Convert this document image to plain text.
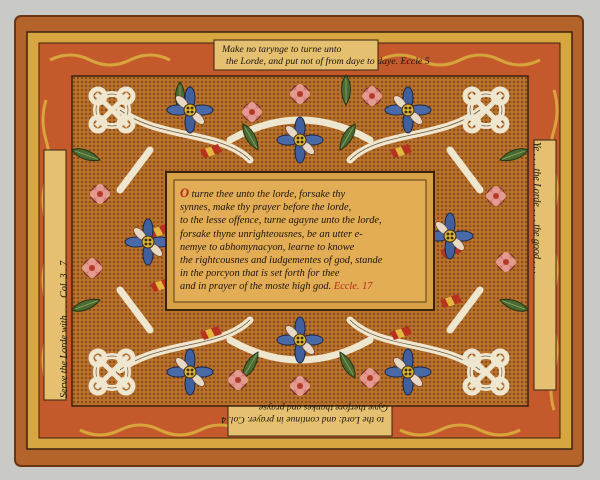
Make no tarynge to turne unto

the Lorde, and put not of from daye to daye. Eccle 5

Serve the Lorde with . . . Col. 3 . 7

Ye . . . the Lorde . . . the good . . .

Gyve therfore thankes and prayse

to the Lord: and continue in prayer. Col. 4

O turne thee unto the lorde, forsake thy
synnes, make thy prayer before the lorde,
to the lesse offence, turne agayne unto the lorde,
forsake thyne unrighteousnes, be an utter e-
nemye to abhomynacyon, learne to knowe
the rightcousnes and iudgementes of god, stande
in the porcyon that is set forth for thee
and in prayer of the moste high god. Eccle. 17
